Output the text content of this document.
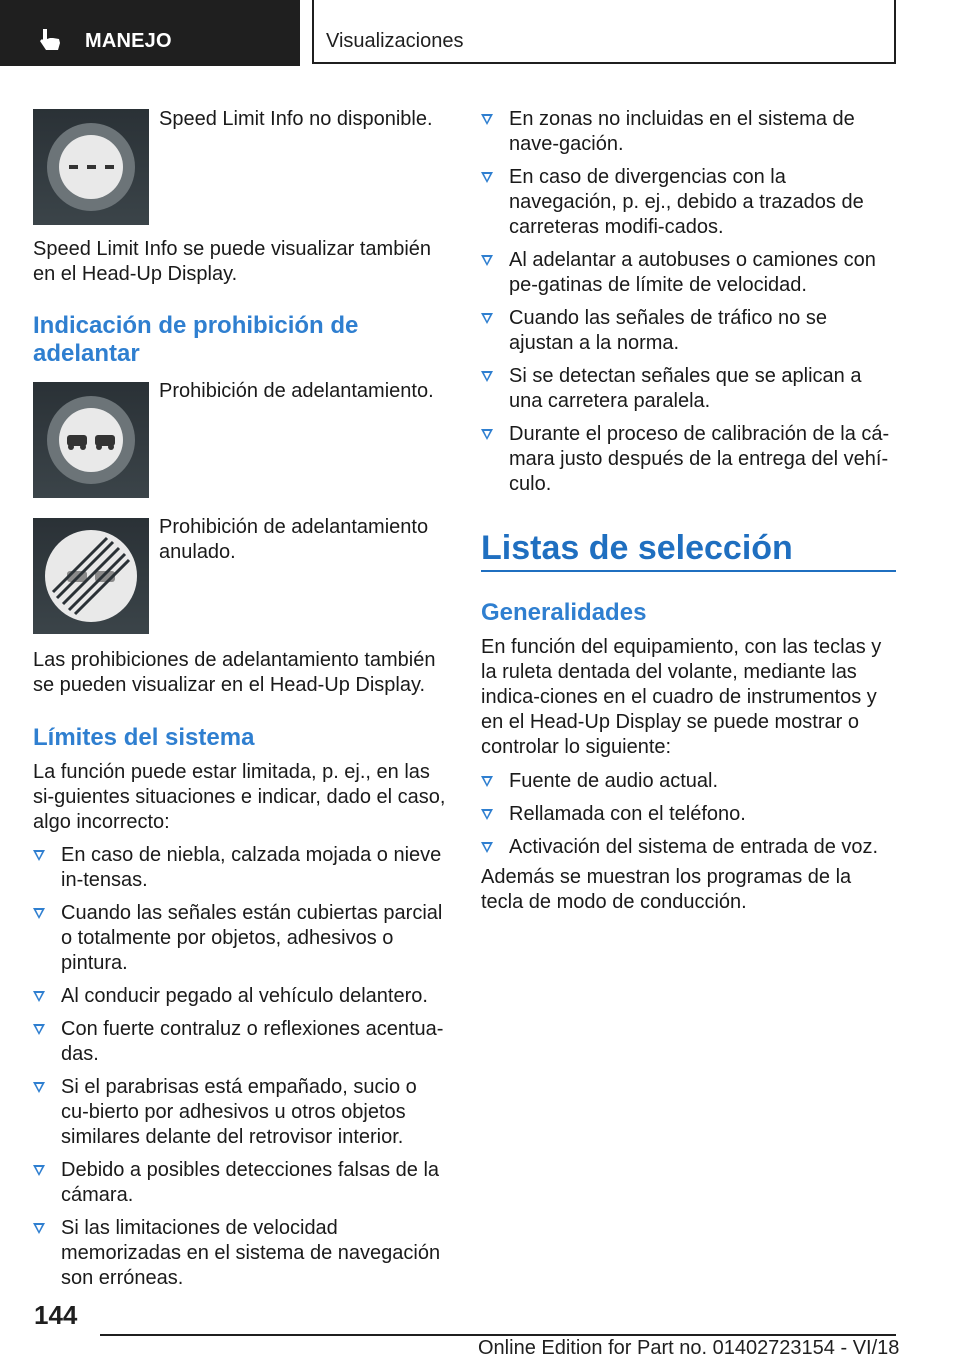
MANEJO	Visualizaciones
Speed Limit Info no disponible.
Speed Limit Info se puede visualizar también en el Head-Up Display.
Indicación de prohibición de adelantar
Prohibición de adelantamiento.
Prohibición de adelantamiento anulado.
Las prohibiciones de adelantamiento también se pueden visualizar en el Head-Up Display.
Límites del sistema
La función puede estar limitada, p. ej., en las si-guientes situaciones e indicar, dado el caso, algo incorrecto:
En caso de niebla, calzada mojada o nieve in-tensas.
Cuando las señales están cubiertas parcial o totalmente por objetos, adhesivos o pintura.
Al conducir pegado al vehículo delantero.
Con fuerte contraluz o reflexiones acentua-das.
Si el parabrisas está empañado, sucio o cu-bierto por adhesivos u otros objetos similares delante del retrovisor interior.
Debido a posibles detecciones falsas de la cámara.
Si las limitaciones de velocidad memorizadas en el sistema de navegación son erróneas.
En zonas no incluidas en el sistema de nave-gación.
En caso de divergencias con la navegación, p. ej., debido a trazados de carreteras modifi-cados.
Al adelantar a autobuses o camiones con pe-gatinas de límite de velocidad.
Cuando las señales de tráfico no se ajustan a la norma.
Si se detectan señales que se aplican a una carretera paralela.
Durante el proceso de calibración de la cá-mara justo después de la entrega del vehí-culo.
Listas de selección
Generalidades
En función del equipamiento, con las teclas y la ruleta dentada del volante, mediante las indica-ciones en el cuadro de instrumentos y en el Head-Up Display se puede mostrar o controlar lo siguiente:
Fuente de audio actual.
Rellamada con el teléfono.
Activación del sistema de entrada de voz.
Además se muestran los programas de la tecla de modo de conducción.
144
Online Edition for Part no. 01402723154 - VI/18
